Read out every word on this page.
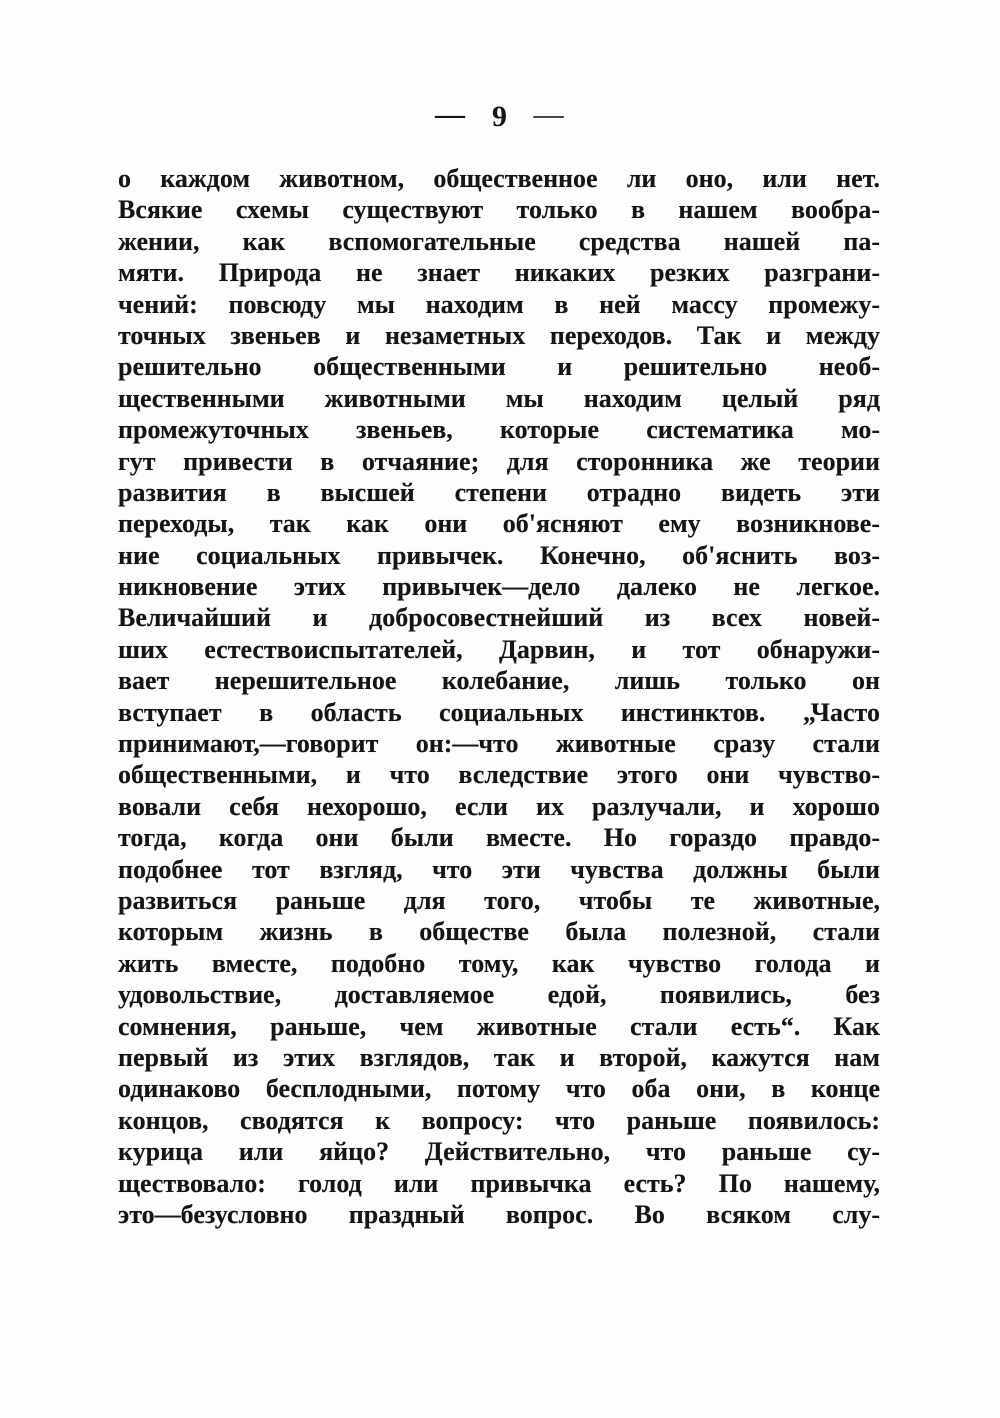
— 9 —
о каждом животном, общественное ли оно, или нет.
Всякие схемы существуют только в нашем вообра-
жении, как вспомогательные средства нашей па-
мяти. Природа не знает никаких резких разграни-
чений: повсюду мы находим в ней массу промежу-
точных звеньев и незаметных переходов. Так и между
решительно общественными и решительно необ-
щественными животными мы находим целый ряд
промежуточных звеньев, которые систематика мо-
гут привести в отчаяние; для сторонника же теории
развития в высшей степени отрадно видеть эти
переходы, так как они об'ясняют ему возникнове-
ние социальных привычек. Конечно, об'яснить воз-
никновение этих привычек—дело далеко не легкое.
Величайший и добросовестнейший из всех новей-
ших естествоиспытателей, Дарвин, и тот обнаружи-
вает нерешительное колебание, лишь только он
вступает в область социальных инстинктов. „Часто
принимают,—говорит он:—что животные сразу стали
общественными, и что вследствие этого они чувство-
вовали себя нехорошо, если их разлучали, и хорошо
тогда, когда они были вместе. Но гораздо правдо-
подобнее тот взгляд, что эти чувства должны были
развиться раньше для того, чтобы те животные,
которым жизнь в обществе была полезной, стали
жить вместе, подобно тому, как чувство голода и
удовольствие, доставляемое едой, появились, без
сомнения, раньше, чем животные стали есть“. Как
первый из этих взглядов, так и второй, кажутся нам
одинаково бесплодными, потому что оба они, в конце
концов, сводятся к вопросу: что раньше появилось:
курица или яйцо? Действительно, что раньше су-
ществовало: голод или привычка есть? По нашему,
это—безусловно праздный вопрос. Во всяком слу-
